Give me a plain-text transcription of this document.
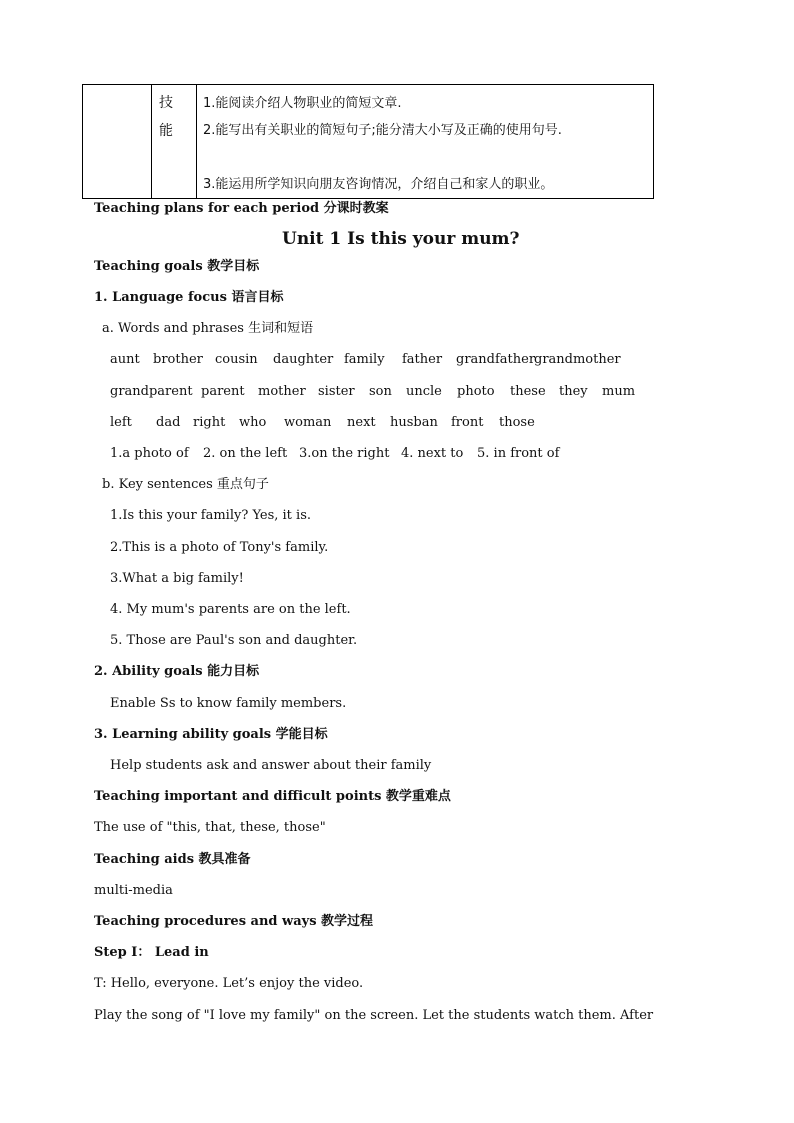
技能

1.能阅读介绍人物职业的简短文章.
2.能写出有关职业的简短句子;能分清大小写及正确的使用句号.
3.能运用所学知识向朋友咨询情况，介绍自己和家人的职业。
Teaching plans for each period 分课时教案
Unit 1 Is this your mum?
Teaching goals 教学目标
1. Language focus 语言目标
a. Words and phrases 生词和短语
aunt brother cousin daughter family father grandfather
grandmother
grandparent parent mother sister son uncle photo these they mum
left dad right who woman next husban front those
1.a photo of 2. on the left 3.on the right 4. next to 5. in front of
b. Key sentences 重点句子
1.Is this your family? Yes, it is.
2.This is a photo of Tony's family.
3.What a big family!
4. My mum's parents are on the left.
5. Those are Paul's son and daughter.
2. Ability goals 能力目标
Enable Ss to know family members.
3. Learning ability goals 学能目标
Help students ask and answer about their family
Teaching important and difficult points 教学重难点
The use of "this, that, these, those"
Teaching aids 教具准备
multi-media
Teaching procedures and ways 教学过程
Step I： Lead in
T: Hello, everyone. Let’s enjoy the video.
Play the song of "I love my family" on the screen. Let the students watch them. After
